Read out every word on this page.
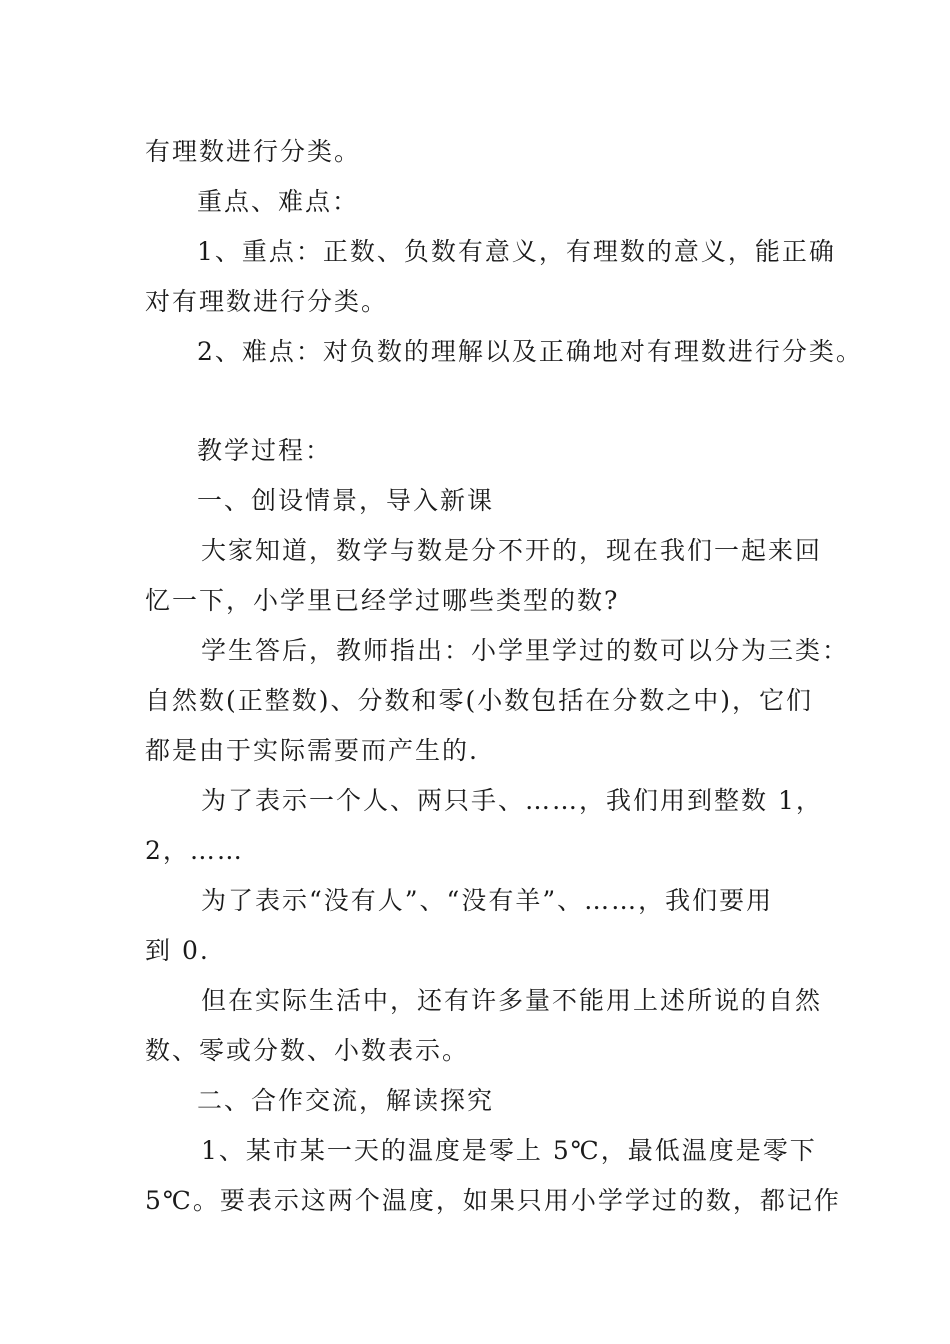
有理数进行分类。
重点、难点：
1、重点：正数、负数有意义，有理数的意义，能正确
对有理数进行分类。
2、难点：对负数的理解以及正确地对有理数进行分类。
教学过程：
一、创设情景，导入新课
大家知道，数学与数是分不开的，现在我们一起来回
忆一下，小学里已经学过哪些类型的数?
学生答后，教师指出：小学里学过的数可以分为三类：
自然数(正整数)、分数和零(小数包括在分数之中)，它们
都是由于实际需要而产生的.
为了表示一个人、两只手、……，我们用到整数 1，
2，……
为了表示“没有人”、“没有羊”、……，我们要用
到 0.
但在实际生活中，还有许多量不能用上述所说的自然
数、零或分数、小数表示。
二、合作交流，解读探究
1、某市某一天的温度是零上 5℃，最低温度是零下
5℃。要表示这两个温度，如果只用小学学过的数，都记作
